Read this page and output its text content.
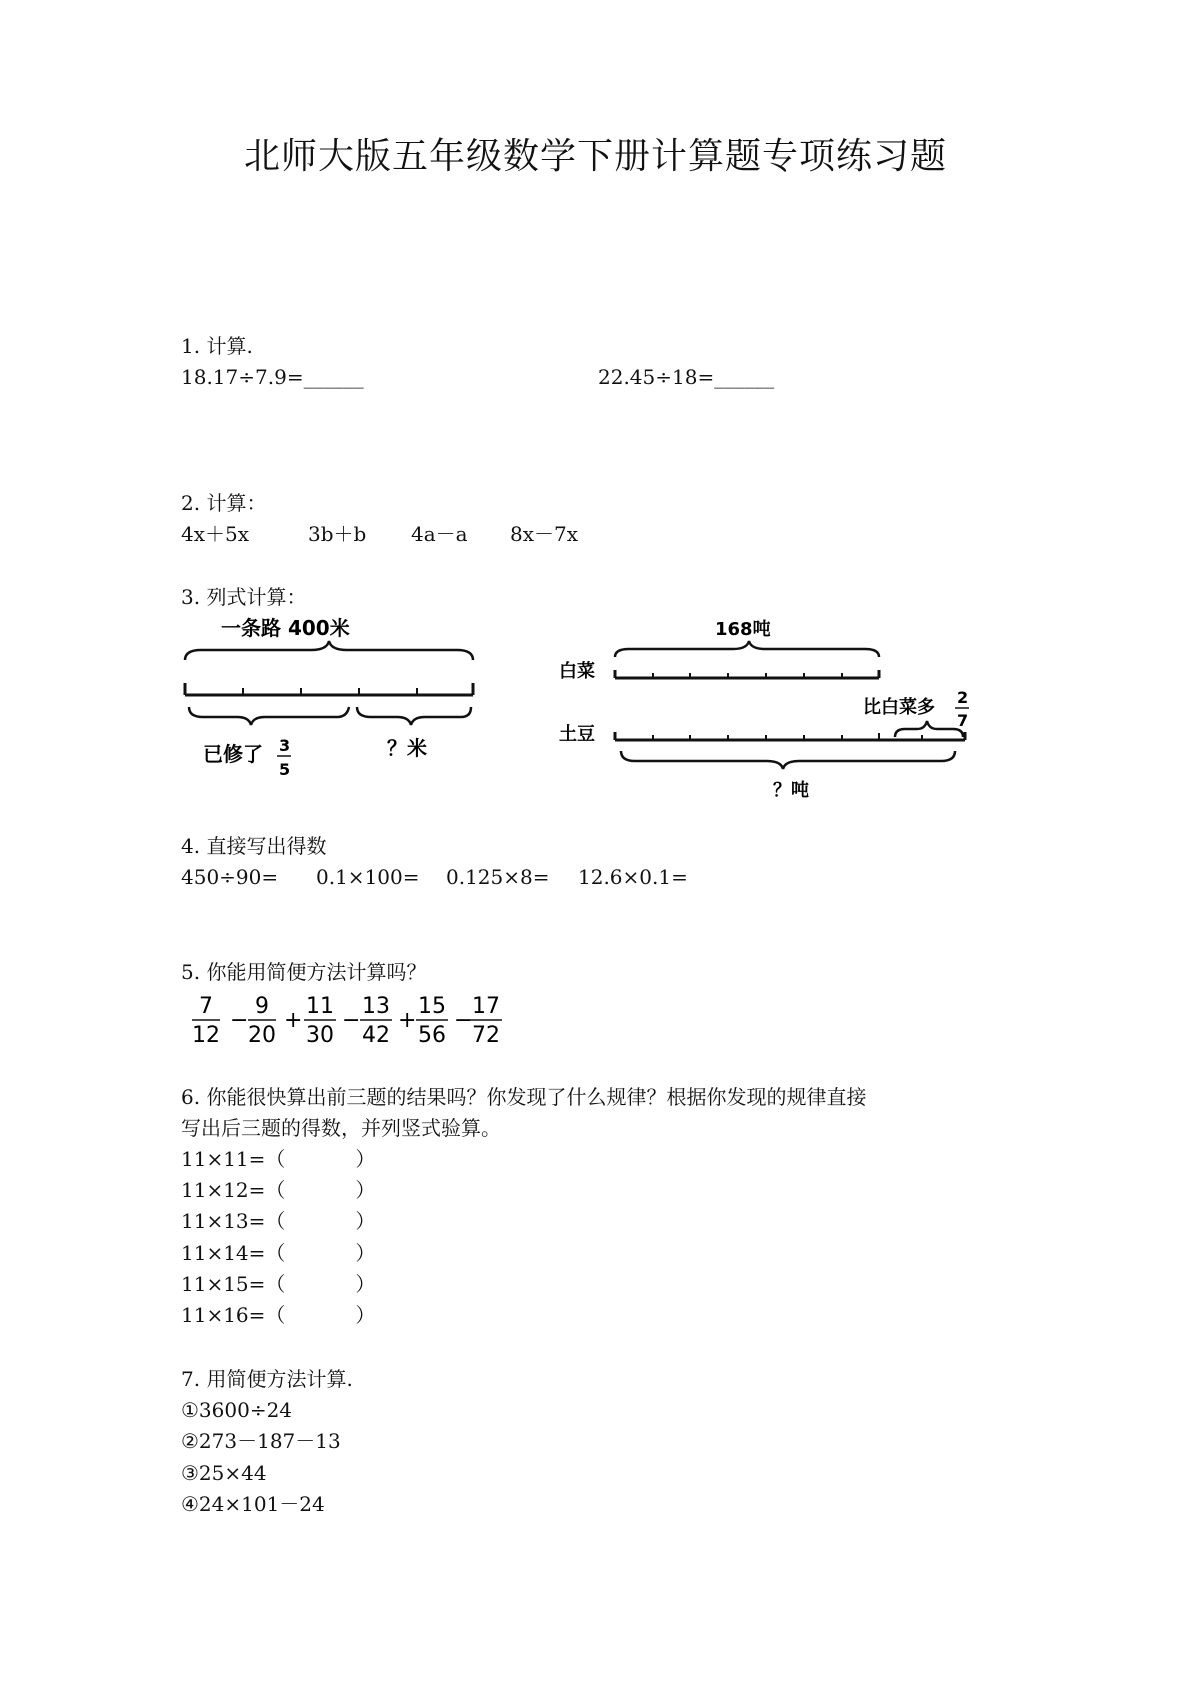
北师大版五年级数学下册计算题专项练习题
1. 计算.
18.17÷7.9=______	22.45÷18=______
2. 计算：
4x＋5x	3b＋b 4a－a 8x－7x
3. 列式计算：
一条路 400米
已修了 3
5
？米
168吨
白菜
比白菜多 2
7
土豆
？吨
4. 直接写出得数
450÷90= 0.1×100= 0.125×8= 12.6×0.1=
5. 你能用简便方法计算吗？
7
12
−
9
20
+
11
30
−
13
42
+
15
56
−
17
72
6. 你能很快算出前三题的结果吗？你发现了什么规律？根据你发现的规律直接
写出后三题的得数，并列竖式验算。
11×11=（           ）
11×12=（           ）
11×13=（           ）
11×14=（           ）
11×15=（           ）
11×16=（           ）
7. 用简便方法计算.
①3600÷24
②273－187－13
③25×44
④24×101－24
